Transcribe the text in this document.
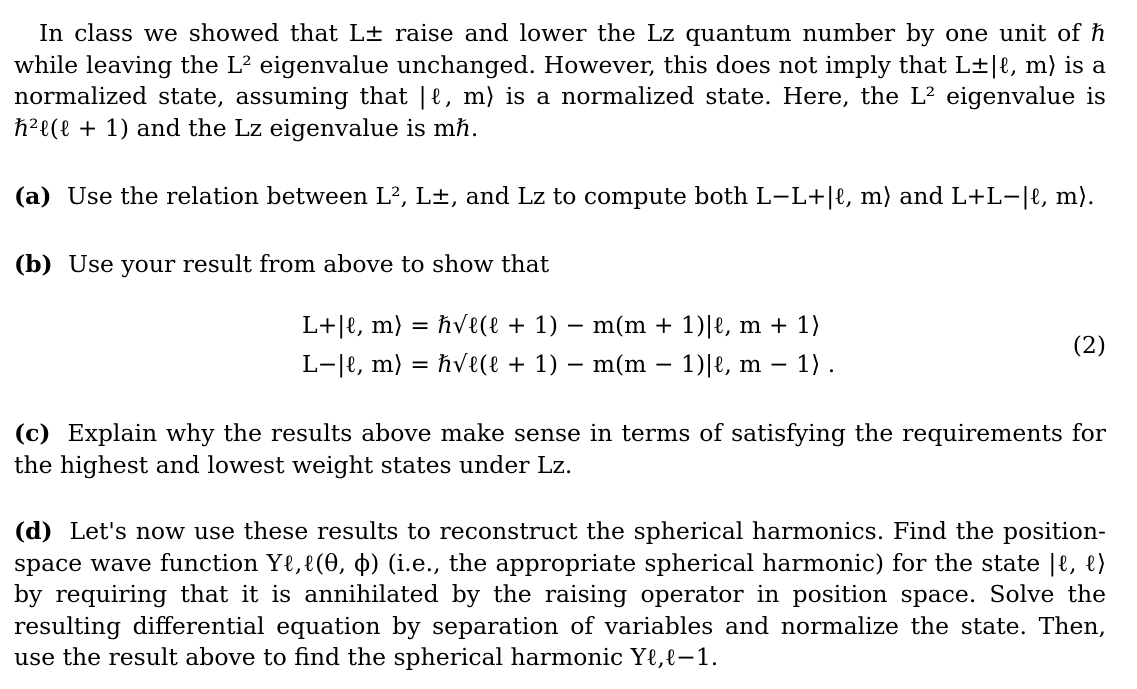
In class we showed that L± raise and lower the Lz quantum number by one unit of ℏ while leaving the L² eigenvalue unchanged. However, this does not imply that L±|ℓ, m⟩ is a normalized state, assuming that |ℓ, m⟩ is a normalized state. Here, the L² eigenvalue is ℏ²ℓ(ℓ + 1) and the Lz eigenvalue is mℏ.
(a) Use the relation between L², L±, and Lz to compute both L−L+|ℓ, m⟩ and L+L−|ℓ, m⟩.
(b) Use your result from above to show that
L+|ℓ, m⟩ = ℏ√ℓ(ℓ + 1) − m(m + 1)|ℓ, m + 1⟩
L−|ℓ, m⟩ = ℏ√ℓ(ℓ + 1) − m(m − 1)|ℓ, m − 1⟩ .
(2)
(c) Explain why the results above make sense in terms of satisfying the requirements for the highest and lowest weight states under Lz.
(d) Let's now use these results to reconstruct the spherical harmonics. Find the position-space wave function Yℓ,ℓ(θ, ϕ) (i.e., the appropriate spherical harmonic) for the state |ℓ, ℓ⟩ by requiring that it is annihilated by the raising operator in position space. Solve the resulting differential equation by separation of variables and normalize the state. Then, use the result above to find the spherical harmonic Yℓ,ℓ−1.
